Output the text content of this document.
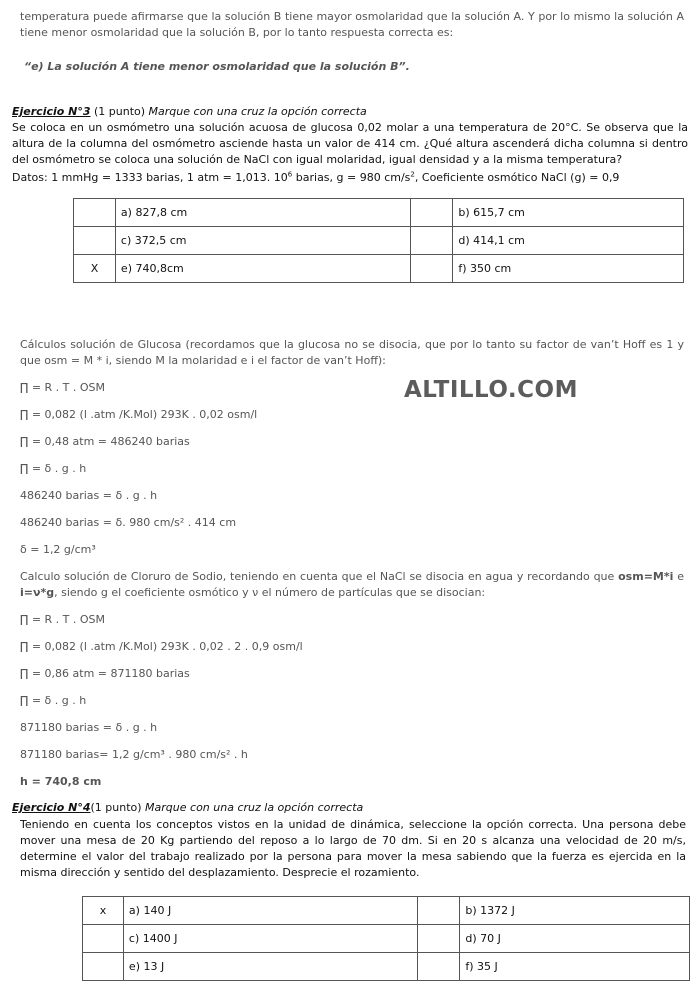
temperatura puede afirmarse que la solución B tiene mayor osmolaridad que la solución A. Y por lo mismo la solución A tiene menor osmolaridad que la solución B, por lo tanto respuesta correcta es:
“e) La solución A tiene menor osmolaridad que la solución B”.
Ejercicio N°3 (1 punto) Marque con una cruz la opción correcta
Se coloca en un osmómetro una solución acuosa de glucosa 0,02 molar a una temperatura de 20°C. Se observa que la altura de la columna del osmómetro asciende hasta un valor de 414 cm. ¿Qué altura ascenderá dicha columna si dentro del osmómetro se coloca una solución de NaCl con igual molaridad, igual densidad y a la misma temperatura?
Datos: 1 mmHg = 1333 barias, 1 atm = 1,013. $10^6$ barias, g = 980 $cm/s^2$, Coeficiente osmótico NaCl (g) = 0,9
	a) 827,8 cm		b) 615,7 cm
	c) 372,5 cm		d) 414,1 cm
X	e) 740,8cm		f) 350 cm
ALTILLO.COM
Cálculos solución de Glucosa (recordamos que la glucosa no se disocia, que por lo tanto su factor de van’t Hoff es 1 y que osm = M * i, siendo M la molaridad e i el factor de van’t Hoff):
∏ = R . T . OSM
∏ = 0,082 (l .atm /K.Mol) 293K . 0,02 osm/l
∏ = 0,48 atm = 486240 barias
∏ = ẟ . g . h
486240 barias = ẟ . g . h
486240 barias = ẟ. 980 cm/s² . 414 cm
ẟ = 1,2 g/cm³
Calculo solución de Cloruro de Sodio, teniendo en cuenta que el NaCl se disocia en agua y recordando que osm=M*i e i=ν*g, siendo g el coeficiente osmótico y ν el número de partículas que se disocian:
∏ = R . T . OSM
∏ = 0,082 (l .atm /K.Mol) 293K . 0,02 . 2 . 0,9 osm/l
∏ = 0,86 atm = 871180 barias
∏ = ẟ . g . h
871180 barias = ẟ . g . h
871180 barias= 1,2 g/cm³ . 980 cm/s² . h
h = 740,8 cm
Ejercicio N°4(1 punto) Marque con una cruz la opción correcta
Teniendo en cuenta los conceptos vistos en la unidad de dinámica, seleccione la opción correcta. Una persona debe mover una mesa de 20 Kg partiendo del reposo a lo largo de 70 dm. Si en 20 s alcanza una velocidad de 20 m/s, determine el valor del trabajo realizado por la persona para mover la mesa sabiendo que la fuerza es ejercida en la misma dirección y sentido del desplazamiento. Desprecie el rozamiento.
x	a) 140 J		b) 1372 J
	c) 1400 J		d) 70 J
	e) 13 J		f) 35 J
